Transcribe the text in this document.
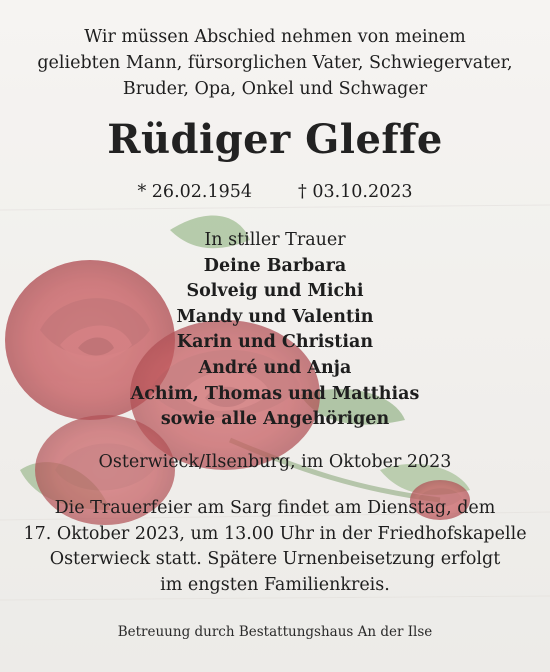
Wir müssen Abschied nehmen von meinem
geliebten Mann, fürsorglichen Vater, Schwiegervater,
Bruder, Opa, Onkel und Schwager
Rüdiger Gleffe
* 26.02.1954	† 03.10.2023
In stiller Trauer
Deine Barbara
Solveig und Michi
Mandy und Valentin
Karin und Christian
André und Anja
Achim, Thomas und Matthias
sowie alle Angehörigen
Osterwieck/Ilsenburg, im Oktober 2023
Die Trauerfeier am Sarg findet am Dienstag, dem
17. Oktober 2023, um 13.00 Uhr in der Friedhofskapelle
Osterwieck statt. Spätere Urnenbeisetzung erfolgt
im engsten Familienkreis.
Betreuung durch Bestattungshaus An der Ilse
